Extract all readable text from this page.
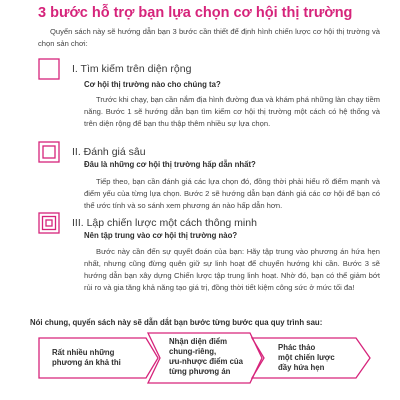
3 bước hỗ trợ bạn lựa chọn cơ hội thị trường
Quyển sách này sẽ hướng dẫn bạn 3 bước cần thiết để định hình chiến lược cơ hội thị trường và chọn sản chơi:
I. Tìm kiếm trên diện rộng
Cơ hội thị trường nào cho chúng ta?
Trước khi chạy, bạn cần nắm địa hình đường đua và khám phá những làn chạy tiềm năng. Bước 1 sẽ hướng dẫn bạn tìm kiếm cơ hội thị trường một cách có hệ thống và trên diện rộng để bạn thu thập thêm nhiều sự lựa chọn.
II. Đánh giá sâu
Đâu là những cơ hội thị trường hấp dẫn nhất?
Tiếp theo, bạn cần đánh giá các lựa chọn đó, đồng thời phải hiểu rõ điểm mạnh và điểm yếu của từng lựa chọn. Bước 2 sẽ hướng dẫn bạn đánh giá các cơ hội để bạn có thể ước tính và so sánh xem phương án nào hấp dẫn hơn.
III. Lập chiến lược một cách thông minh
Nên tập trung vào cơ hội thị trường nào?
Bước này cần đến sự quyết đoán của bạn: Hãy tập trung vào phương án hứa hẹn nhất, nhưng cũng đừng quên giữ sự linh hoạt để chuyển hướng khi cần. Bước 3 sẽ hướng dẫn bạn xây dựng Chiến lược tập trung linh hoạt. Nhờ đó, bạn có thể giảm bớt rủi ro và gia tăng khả năng tạo giá trị, đồng thời tiết kiệm công sức ở mức tối đa!
Nói chung, quyển sách này sẽ dẫn dắt bạn bước từng bước qua quy trình sau:
Rất nhiều những
phương án khả thi
Nhận diện điểm
chung-riêng,
ưu-nhược điểm của
từng phương án
Phác thảo
một chiến lược
đầy hứa hẹn
